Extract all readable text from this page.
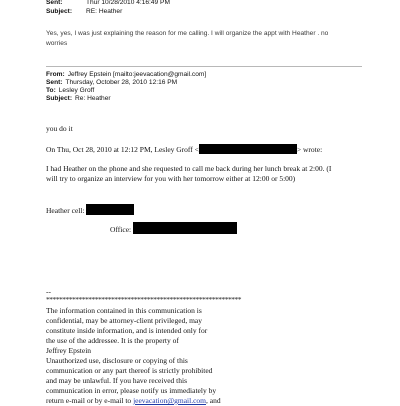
Sent:	Thur 10/28/2010 4:16:49 PM
Subject: RE: Heather
Yes, yes, I was just explaining the reason for me calling. I will organize the appt with Heather . no
worries
From: Jeffrey Epstein [mailto:jeevacation@gmail.com]
Sent: Thursday, October 28, 2010 12:16 PM
To: Lesley Groff
Subject: Re: Heather
you do it
On Thu, Oct 28, 2010 at 12:12 PM, Lesley Groff <	> wrote:
I had Heather on the phone and she requested to call me back during her lunch break at 2:00. (I
will try to organize an interview for you with her tomorrow either at 12:00 or 5:00)
Heather cell:
Office:
--
************************************************************
The information contained in this communication is
confidential, may be attorney-client privileged, may
constitute inside information, and is intended only for
the use of the addressee. It is the property of
Jeffrey Epstein
Unauthorized use, disclosure or copying of this
communication or any part thereof is strictly prohibited
and may be unlawful. If you have received this
communication in error, please notify us immediately by
return e-mail or by e-mail to jeevacation@gmail.com, and
